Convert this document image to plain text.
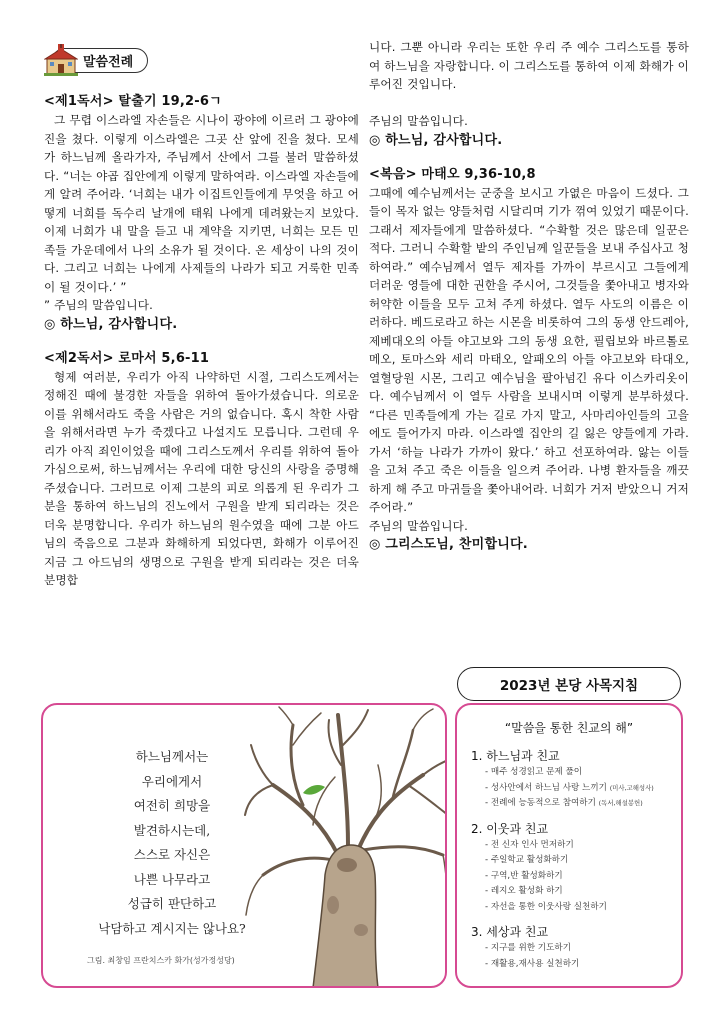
말씀전례

<제1독서> 탈출기 19,2-6ㄱ

그 무렵 이스라엘 자손들은 시나이 광야에 이르러 그 광야에 진을 쳤다. 이렇게 이스라엘은 그곳 산 앞에 진을 쳤다. 모세가 하느님께 올라가자, 주님께서 산에서 그를 불러 말씀하셨다. “너는 야곱 집안에게 이렇게 말하여라. 이스라엘 자손들에게 알려 주어라. ‘너희는 내가 이집트인들에게 무엇을 하고 어떻게 너희를 독수리 날개에 태워 나에게 데려왔는지 보았다. 이제 너희가 내 말을 듣고 내 계약을 지키면, 너희는 모든 민족들 가운데에서 나의 소유가 될 것이다. 온 세상이 나의 것이다. 그리고 너희는 나에게 사제들의 나라가 되고 거룩한 민족이 될 것이다.’ ”

” 주님의 말씀입니다.

◎ 하느님, 감사합니다.

<제2독서> 로마서 5,6-11

형제 여러분, 우리가 아직 나약하던 시절, 그리스도께서는 정해진 때에 불경한 자들을 위하여 돌아가셨습니다. 의로운 이를 위해서라도 죽을 사람은 거의 없습니다. 혹시 착한 사람을 위해서라면 누가 죽겠다고 나설지도 모릅니다. 그런데 우리가 아직 죄인이었을 때에 그리스도께서 우리를 위하여 돌아가심으로써, 하느님께서는 우리에 대한 당신의 사랑을 증명해 주셨습니다. 그러므로 이제 그분의 피로 의롭게 된 우리가 그분을 통하여 하느님의 진노에서 구원을 받게 되리라는 것은 더욱 분명합니다. 우리가 하느님의 원수였을 때에 그분 아드님의 죽음으로 그분과 화해하게 되었다면, 화해가 이루어진 지금 그 아드님의 생명으로 구원을 받게 되리라는 것은 더욱 분명합
니다. 그뿐 아니라 우리는 또한 우리 주 예수 그리스도를 통하여 하느님을 자랑합니다. 이 그리스도를 통하여 이제 화해가 이루어진 것입니다.

주님의 말씀입니다.

◎ 하느님, 감사합니다.

<복음> 마태오 9,36-10,8

그때에 예수님께서는 군중을 보시고 가엾은 마음이 드셨다. 그들이 목자 없는 양들처럼 시달리며 기가 꺾여 있었기 때문이다. 그래서 제자들에게 말씀하셨다. “수확할 것은 많은데 일꾼은 적다. 그러니 수확할 밭의 주인님께 일꾼들을 보내 주십사고 청하여라.” 예수님께서 열두 제자를 가까이 부르시고 그들에게 더러운 영들에 대한 권한을 주시어, 그것들을 쫓아내고 병자와 허약한 이들을 모두 고쳐 주게 하셨다. 열두 사도의 이름은 이러하다. 베드로라고 하는 시몬을 비롯하여 그의 동생 안드레아, 제베대오의 아들 야고보와 그의 동생 요한, 필립보와 바르톨로메오, 토마스와 세리 마태오, 알패오의 아들 야고보와 타대오, 열혈당원 시몬, 그리고 예수님을 팔아넘긴 유다 이스카리옷이다. 예수님께서 이 열두 사람을 보내시며 이렇게 분부하셨다. “다른 민족들에게 가는 길로 가지 말고, 사마리아인들의 고을에도 들어가지 마라. 이스라엘 집안의 길 잃은 양들에게 가라. 가서 ‘하늘 나라가 가까이 왔다.’ 하고 선포하여라. 앓는 이들을 고쳐 주고 죽은 이들을 일으켜 주어라. 나병 환자들을 깨끗하게 해 주고 마귀들을 쫓아내어라. 너희가 거저 받았으니 거저 주어라.”

주님의 말씀입니다.

◎ 그리스도님, 찬미합니다.

2023년 본당 사목지침
하느님께서는
우리에게서
여전히 희망을
발견하시는데,
스스로 자신은
나쁜 나무라고
성급히 판단하고
낙담하고 계시지는 않나요?
그림. 최창임 프란치스카 화가(성가정성당)
“말씀을 통한 친교의 해”

1. 하느님과 친교

- 매주 성경읽고 문제 풀이

- 성사안에서 하느님 사랑 느끼기 (미사,고해성사)

- 전례에 능동적으로 참여하기 (독서,해설봉헌)

2. 이웃과 친교

- 전 신자 인사 먼저하기

- 주일학교 활성화하기

- 구역,반 활성화하기

- 레지오 활성화 하기

- 자선을 통한 이웃사랑 실천하기

3. 세상과 친교

- 지구를 위한 기도하기

- 재활용,재사용 실천하기
